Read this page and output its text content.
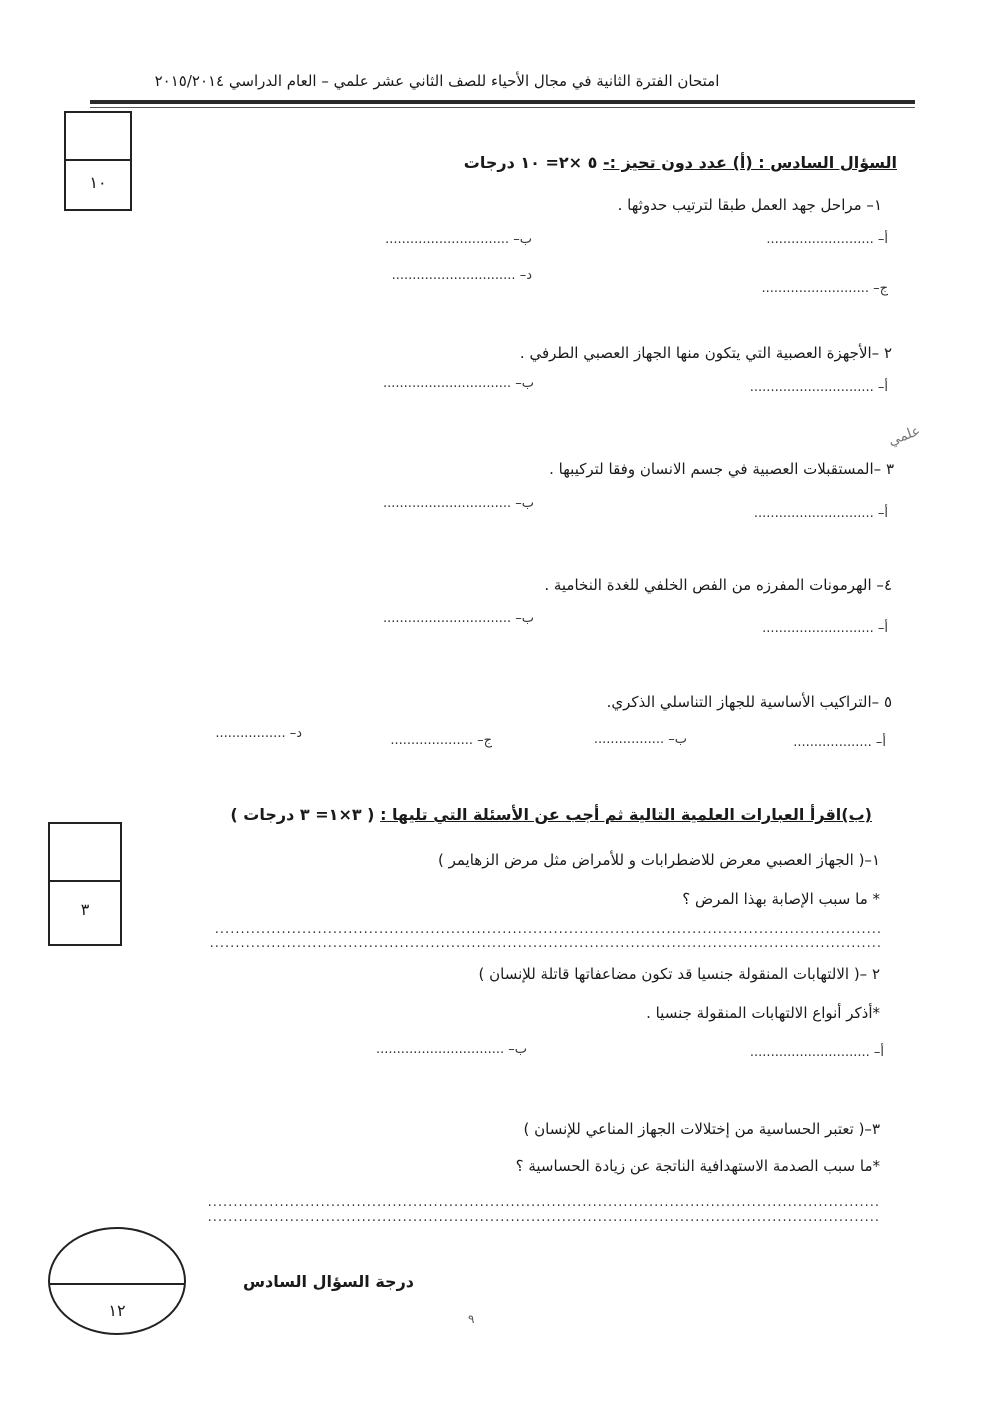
امتحان الفترة الثانية في مجال الأحياء للصف الثاني عشر علمي – العام الدراسي ٢٠١٥/٢٠١٤
١٠
السؤال السادس : (أ) عدد دون تحيز :- ٥ ×٢= ١٠ درجات
١– مراحل جهد العمل طبقا لترتيب حدوثها .
أ– ..........................
ب– ..............................
ج– ..........................
د– ..............................
٢ –الأجهزة العصبية التي يتكون منها الجهاز العصبي الطرفي .
أ– ..............................
ب– ...............................
علمي
٣ –المستقبلات العصبية في جسم الانسان وفقا لتركيبها .
أ– .............................
ب– ...............................
٤– الهرمونات المفرزه من الفص الخلفي للغدة النخامية .
أ– ...........................
ب– ...............................
٥ –التراكيب الأساسية للجهاز التناسلي الذكري.
أ– ...................
ب– .................
ج– ....................
د– .................
٣
(ب)اقرأ العبارات العلمية التالية ثم أجب عن الأسئلة التي تليها : ( ٣×١= ٣ درجات )
١–( الجهاز العصبي معرض للاضطرابات و للأمراض مثل مرض الزهايمر )
* ما سبب الإصابة بهذا المرض ؟
..................................................................................................................................
...................................................................................................................................
٢ –( الالتهابات المنقولة جنسيا قد تكون مضاعفاتها قاتلة للإنسان )
*أذكر أنواع الالتهابات المنقولة جنسيا .
أ– .............................
ب– ...............................
٣–( تعتبر الحساسية من إختلالات الجهاز المناعي للإنسان )
*ما سبب الصدمة الاستهدافية الناتجة عن زيادة الحساسية ؟
...................................................................................................................................
...................................................................................................................................
درجة السؤال السادس
١٢	٩
